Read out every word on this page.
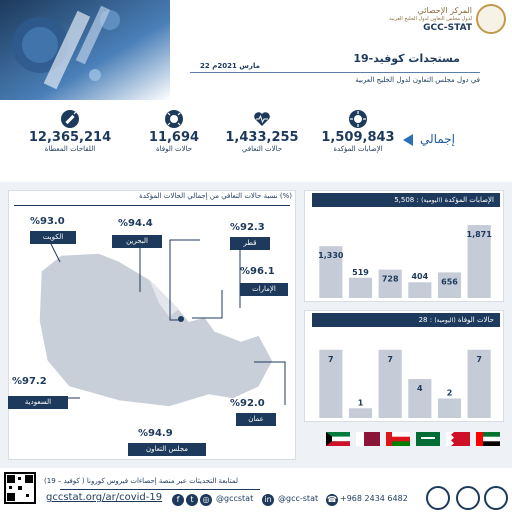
المركز الإحصائي
لدول مجلس التعاون لدول الخليج العربية
GCC-STAT
مستجدات كوفيد-19
22 مارس 2021م
في دول مجلس التعاون لدول الخليج العربية
إجمالي
1,509,843
الإصابات المؤكدة
1,433,255
حالات التعافي
11,694
حالات الوفاة
12,365,214
اللقاحات المعطاة
نسبة حالات التعافي من إجمالي الحالات المؤكدة (%)
%93.0
الكويت
%94.4
البحرين
%92.3
قطر
%96.1
الإمارات
%97.2
السعودية	%92.0
عمان
%94.9
مجلس التعاون
5,508 : (اليومية) الإصابات المؤكدة
1,330
519
728 404
656
1,871
28 : (اليومية) حالات الوفاة
7
1
7
4	2
7
لمتابعة التحديثات عبر منصة إحصاءات فيروس كورونا ( كوفيد – 19)
gccstat.org/ar/covid-19	f	t	◎ @gccstat in @gcc-stat ☎ +968 2434 6482
